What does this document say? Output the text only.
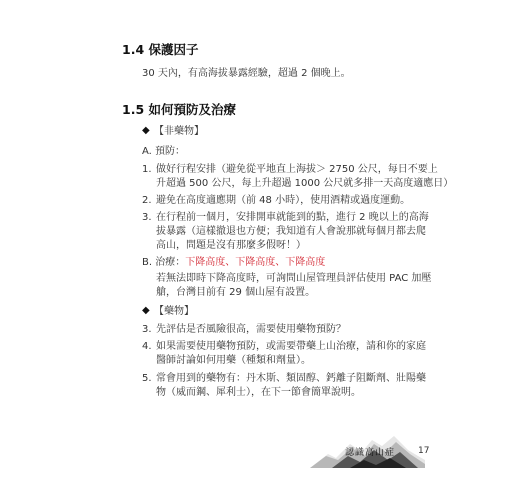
1.4 保護因子
30 天內，有高海拔暴露經驗，超過 2 個晚上。
1.5 如何預防及治療
◆ 【非藥物】
A. 預防：
1. 做好行程安排（避免從平地直上海拔＞ 2750 公尺，每日不要上
升超過 500 公尺，每上升超過 1000 公尺就多排一天高度適應日）
2. 避免在高度適應期（前 48 小時），使用酒精或過度運動。
3. 在行程前一個月，安排開車就能到的點，進行 2 晚以上的高海
拔暴露（這樣撤退也方便；我知道有人會說那就每個月都去爬
高山，問題是沒有那麼多假呀！）
B. 治療：下降高度、下降高度、下降高度
若無法即時下降高度時，可詢問山屋管理員評估使用 PAC 加壓
艙，台灣目前有 29 個山屋有設置。
◆ 【藥物】
3. 先評估是否風險很高，需要使用藥物預防？
4. 如果需要使用藥物預防，或需要帶藥上山治療，請和你的家庭
醫師討論如何用藥（種類和劑量）。
5. 常會用到的藥物有：丹木斯、類固醇、鈣離子阻斷劑、壯陽藥
物（威而鋼、犀利士），在下一節會簡單說明。
認識高山症	17
